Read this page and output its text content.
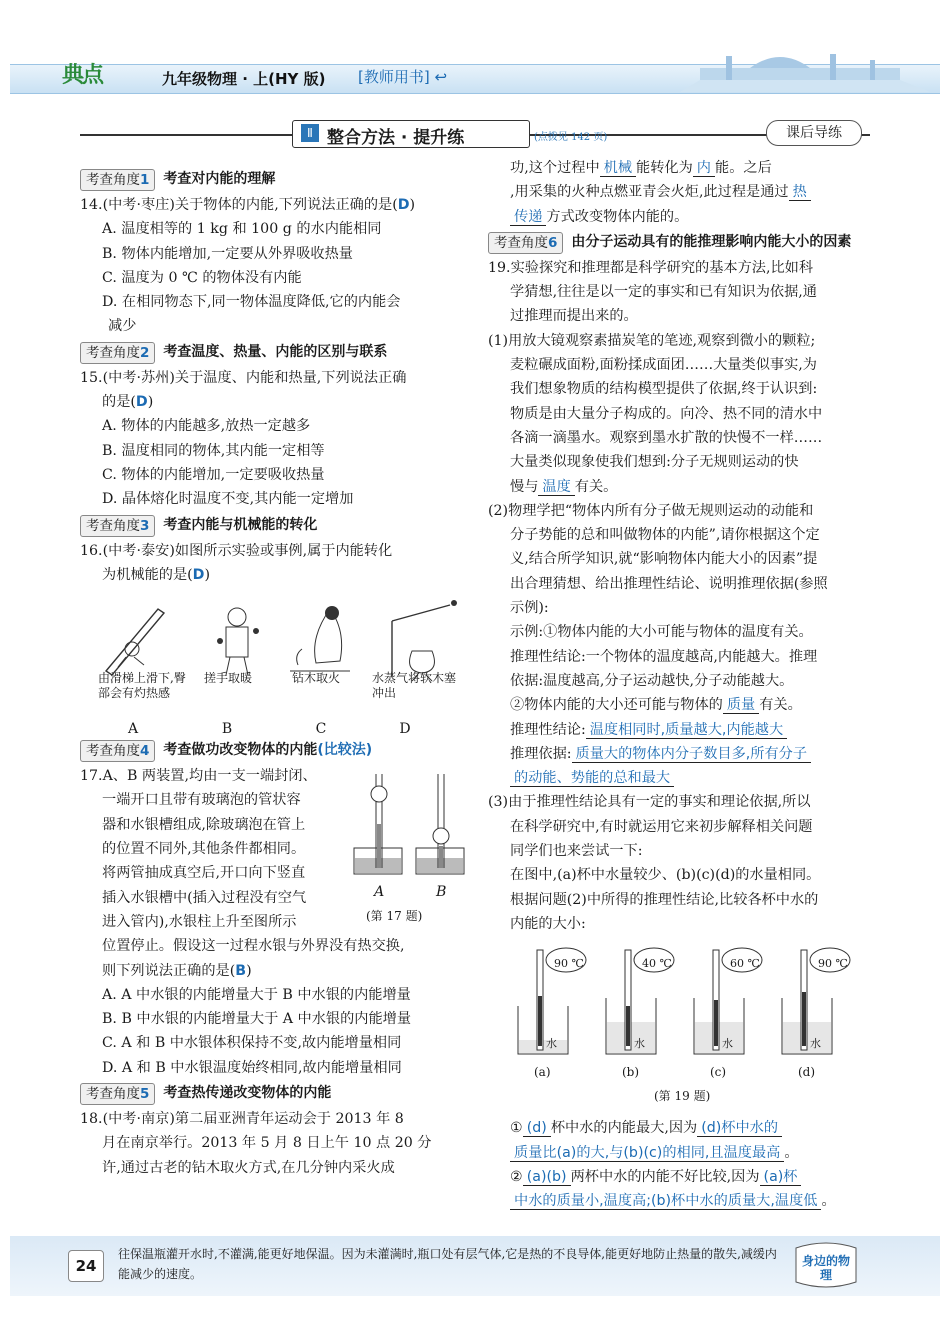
典点	九年级物理 · 上(HY 版) [教师用书] ↩
Ⅱ 整合方法 · 提升练	(点拨见 142 页)	课后导练
考查角度1	考查对内能的理解

14.(中考·枣庄)关于物体的内能,下列说法正确的是(D)

A. 温度相等的 1 kg 和 100 g 的水内能相同

B. 物体内能增加,一定要从外界吸收热量

C. 温度为 0 ℃ 的物体没有内能

D. 在相同物态下,同一物体温度降低,它的内能会

减少

考查角度2	考查温度、热量、内能的区别与联系

15.(中考·苏州)关于温度、内能和热量,下列说法正确

的是(D)

A. 物体的内能越多,放热一定越多

B. 温度相同的物体,其内能一定相等

C. 物体的内能增加,一定要吸收热量

D. 晶体熔化时温度不变,其内能一定增加

考查角度3	考查内能与机械能的转化

16.(中考·泰安)如图所示实验或事例,属于内能转化

为机械能的是(D)

由滑梯上滑下,臀部会有灼热感
A
搓手取暖
B
钻木取火
C
水蒸气将软木塞冲出
D
考查角度4	考查做功改变物体的内能(比较法)

17.A、B 两装置,均由一支一端封闭、

一端开口且带有玻璃泡的管状容

器和水银槽组成,除玻璃泡在管上

的位置不同外,其他条件都相同。

将两管抽成真空后,开口向下竖直

插入水银槽中(插入过程没有空气

进入管内),水银柱上升至图所示

A	B
(第 17 题)

位置停止。假设这一过程水银与外界没有热交换,

则下列说法正确的是(B)

A. A 中水银的内能增量大于 B 中水银的内能增量

B. B 中水银的内能增量大于 A 中水银的内能增量

C. A 和 B 中水银体积保持不变,故内能增量相同

D. A 和 B 中水银温度始终相同,故内能增量相同

考查角度5	考查热传递改变物体的内能

18.(中考·南京)第二届亚洲青年运动会于 2013 年 8

月在南京举行。2013 年 5 月 8 日上午 10 点 20 分

许,通过古老的钻木取火方式,在几分钟内采火成

功,这个过程中 机械 能转化为 内 能。之后

,用采集的火种点燃亚青会火炬,此过程是通过 热

传递 方式改变物体内能的。

考查角度6	由分子运动具有的能推理影响内能大小的因素

19.实验探究和推理都是科学研究的基本方法,比如科

学猜想,往往是以一定的事实和已有知识为依据,通

过推理而提出来的。

(1)用放大镜观察素描炭笔的笔迹,观察到微小的颗粒;

麦粒碾成面粉,面粉揉成面团……大量类似事实,为

我们想象物质的结构模型提供了依据,终于认识到:

物质是由大量分子构成的。向冷、热不同的清水中

各滴一滴墨水。观察到墨水扩散的快慢不一样……

大量类似现象使我们想到:分子无规则运动的快

慢与 温度 有关。

(2)物理学把“物体内所有分子做无规则运动的动能和

分子势能的总和叫做物体的内能”,请你根据这个定

义,结合所学知识,就“影响物体内能大小的因素”提

出合理猜想、给出推理性结论、说明推理依据(参照

示例):

示例:①物体内能的大小可能与物体的温度有关。

推理性结论:一个物体的温度越高,内能越大。推理

依据:温度越高,分子运动越快,分子动能越大。

②物体内能的大小还可能与物体的 质量 有关。

推理性结论: 温度相同时,质量越大,内能越大

推理依据: 质量大的物体内分子数目多,所有分子

的动能、势能的总和最大

(3)由于推理性结论具有一定的事实和理论依据,所以

在科学研究中,有时就运用它来初步解释相关问题

同学们也来尝试一下:

在图中,(a)杯中水量较少、(b)(c)(d)的水量相同。

根据问题(2)中所得的推理性结论,比较各杯中水的

内能的大小:

90 ℃	40 ℃	60 ℃	90 ℃
水	水	水	水
(a)	(b)	(c)	(d)
(第 19 题)

① (d) 杯中水的内能最大,因为 (d)杯中水的

质量比(a)的大,与(b)(c)的相同,且温度最高 。

② (a)(b) 两杯中水的内能不好比较,因为 (a)杯

中水的质量小,温度高;(b)杯中水的质量大,温度低 。

24
往保温瓶灌开水时,不灌满,能更好地保温。因为未灌满时,瓶口处有层气体,它是热的不良导体,能更好地防止热量的散失,减缓内能减少的速度。
身边的物理
